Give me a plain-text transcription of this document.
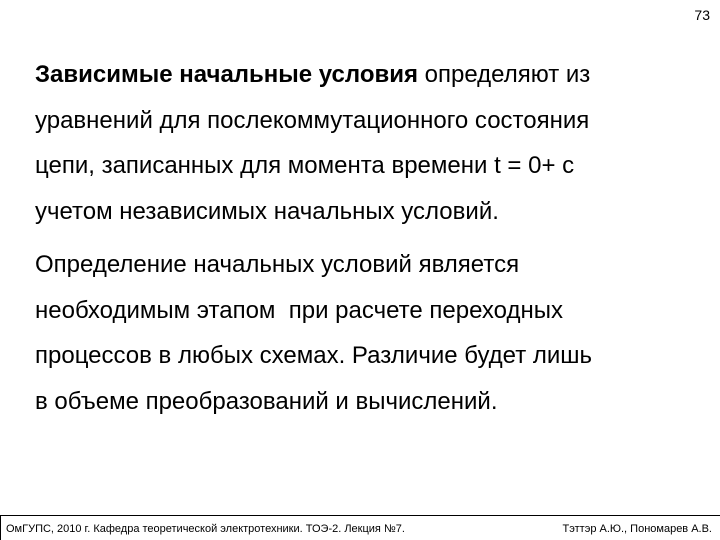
73

Зависимые начальные условия определяют из
уравнений для послекоммутационного состояния
цепи, записанных для момента времени t = 0+ с
учетом независимых начальных условий.

Определение начальных условий является
необходимым этапом  при расчете переходных
процессов в любых схемах. Различие будет лишь
в объеме преобразований и вычислений.

ОмГУПС, 2010 г. Кафедра теоретической электротехники. ТОЭ-2. Лекция №7.	Тэттэр А.Ю., Пономарев А.В.
